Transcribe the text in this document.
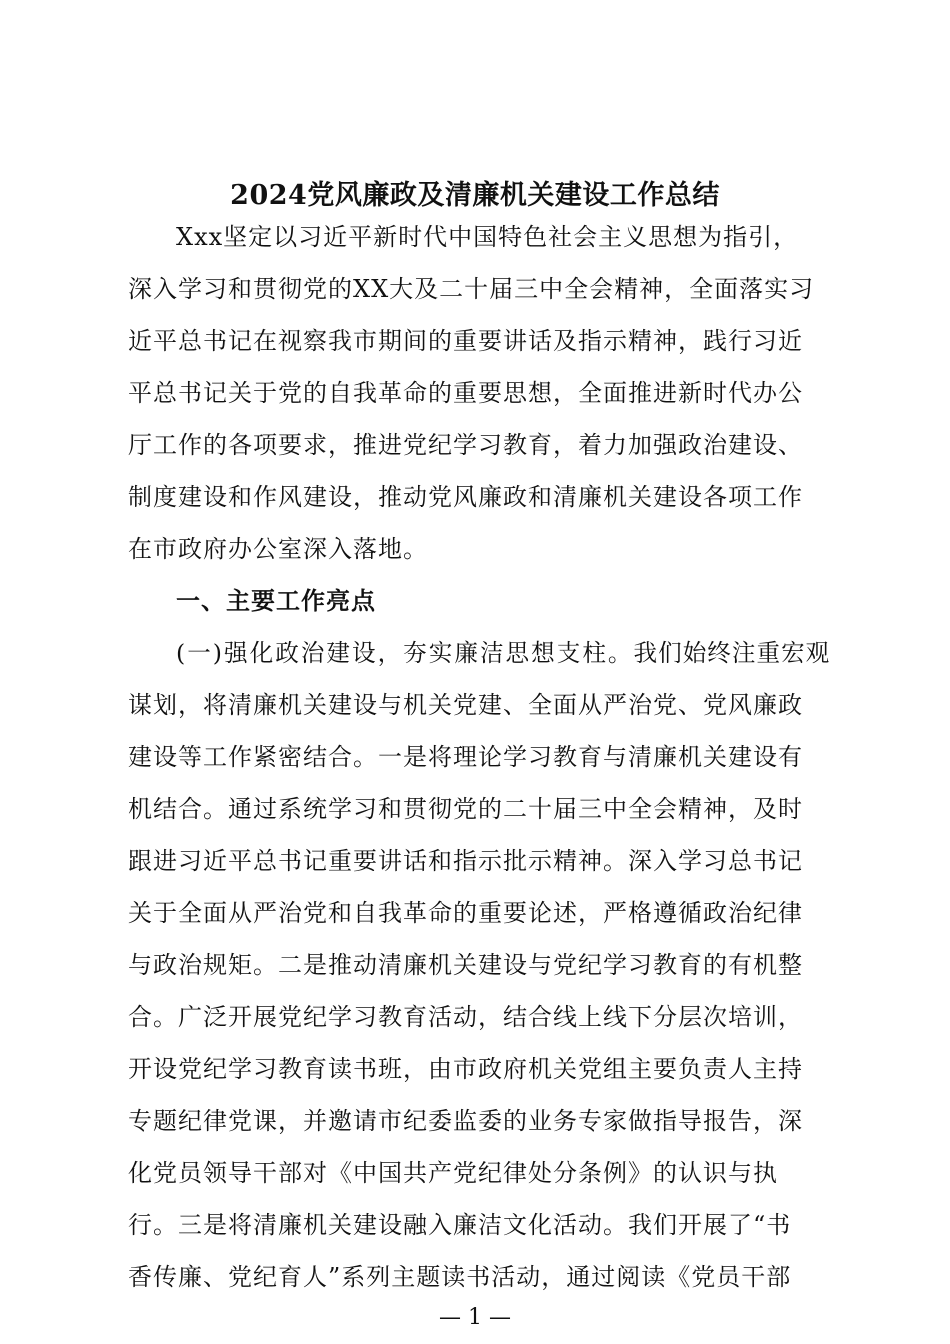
2024党风廉政及清廉机关建设工作总结
Xxx坚定以习近平新时代中国特色社会主义思想为指引，
深入学习和贯彻党的XX大及二十届三中全会精神，全面落实习
近平总书记在视察我市期间的重要讲话及指示精神，践行习近
平总书记关于党的自我革命的重要思想，全面推进新时代办公
厅工作的各项要求，推进党纪学习教育，着力加强政治建设、
制度建设和作风建设，推动党风廉政和清廉机关建设各项工作
在市政府办公室深入落地。
一、主要工作亮点
(一)强化政治建设，夯实廉洁思想支柱。我们始终注重宏观
谋划，将清廉机关建设与机关党建、全面从严治党、党风廉政
建设等工作紧密结合。一是将理论学习教育与清廉机关建设有
机结合。通过系统学习和贯彻党的二十届三中全会精神，及时
跟进习近平总书记重要讲话和指示批示精神。深入学习总书记
关于全面从严治党和自我革命的重要论述，严格遵循政治纪律
与政治规矩。二是推动清廉机关建设与党纪学习教育的有机整
合。广泛开展党纪学习教育活动，结合线上线下分层次培训，
开设党纪学习教育读书班，由市政府机关党组主要负责人主持
专题纪律党课，并邀请市纪委监委的业务专家做指导报告，深
化党员领导干部对《中国共产党纪律处分条例》的认识与执
行。三是将清廉机关建设融入廉洁文化活动。我们开展了“书
香传廉、党纪育人”系列主题读书活动，通过阅读《党员干部
— 1 —
